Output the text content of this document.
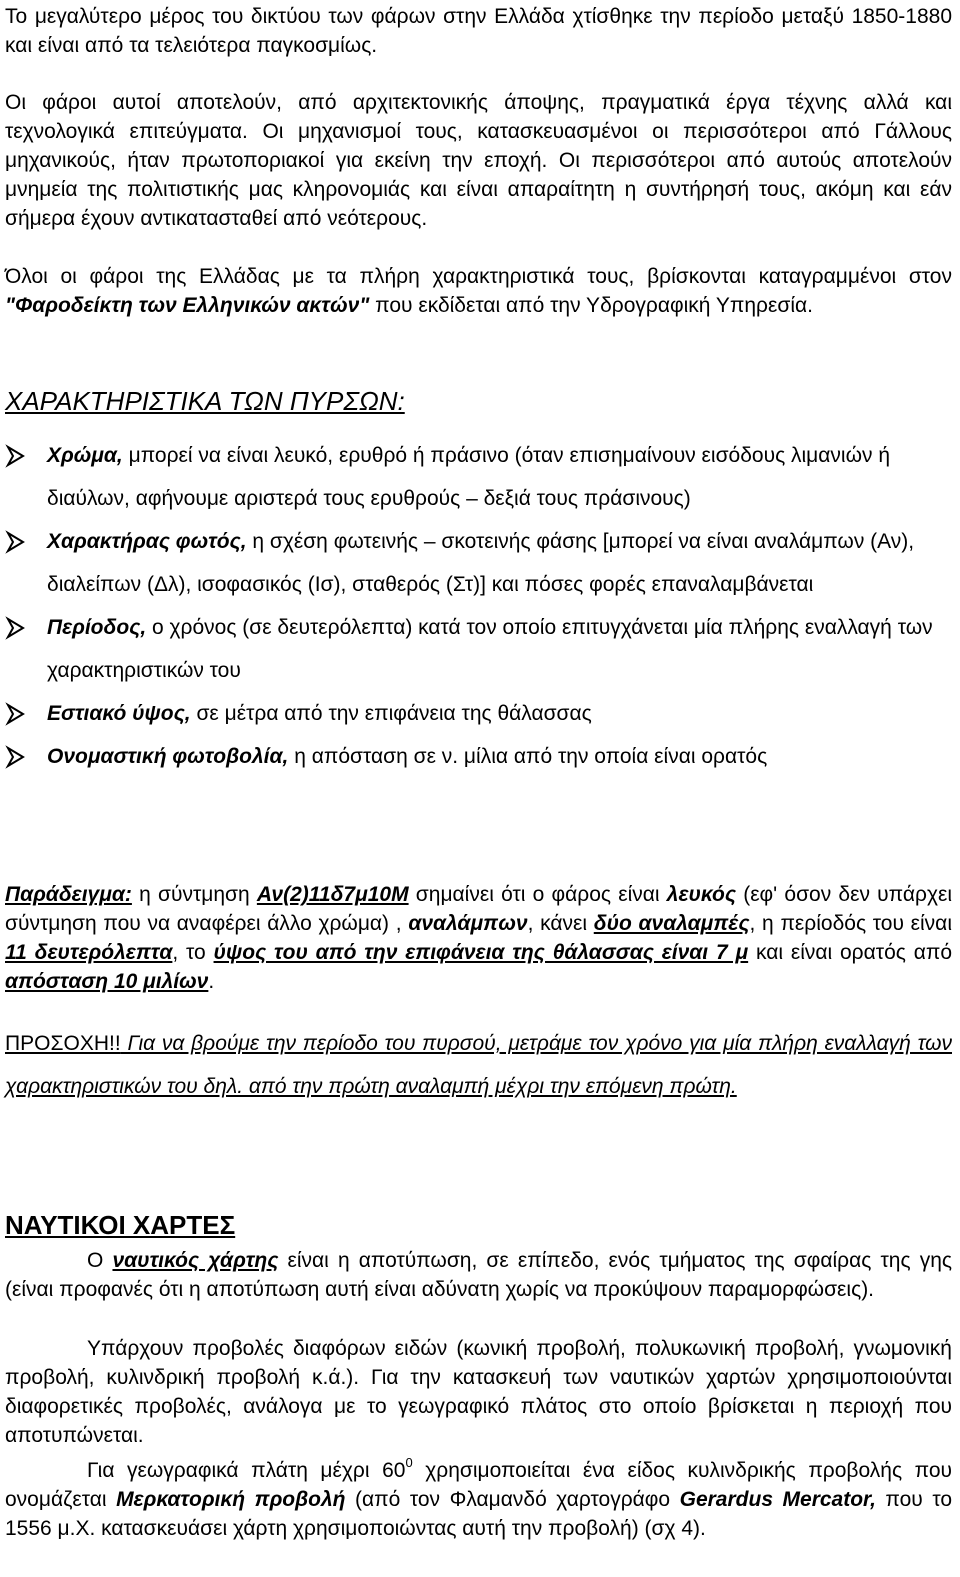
Το μεγαλύτερο μέρος του δικτύου των φάρων στην Ελλάδα χτίσθηκε την περίοδο μεταξύ 1850-1880 και είναι από τα τελειότερα παγκοσμίως.

Οι φάροι αυτοί αποτελούν, από αρχιτεκτονικής άποψης, πραγματικά έργα τέχνης αλλά και τεχνολογικά επιτεύγματα. Οι μηχανισμοί τους, κατασκευασμένοι οι περισσότεροι από Γάλλους μηχανικούς, ήταν πρωτοποριακοί για εκείνη την εποχή. Οι περισσότεροι από αυτούς αποτελούν μνημεία της πολιτιστικής μας κληρονομιάς και είναι απαραίτητη η συντήρησή τους, ακόμη και εάν σήμερα έχουν αντικατασταθεί από νεότερους.

Όλοι οι φάροι της Ελλάδας με τα πλήρη χαρακτηριστικά τους, βρίσκονται καταγραμμένοι στον "Φαροδείκτη των Ελληνικών ακτών" που εκδίδεται από την Υδρογραφική Υπηρεσία.

ΧΑΡΑΚΤΗΡΙΣΤΙΚΑ ΤΩΝ ΠΥΡΣΩΝ:
Χρώμα, μπορεί να είναι λευκό, ερυθρό ή πράσινο (όταν επισημαίνουν εισόδους λιμανιών ή διαύλων, αφήνουμε αριστερά τους ερυθρούς – δεξιά τους πράσινους)
Χαρακτήρας φωτός, η σχέση φωτεινής – σκοτεινής φάσης [μπορεί να είναι αναλάμπων (Αν), διαλείπων (Δλ), ισοφασικός (Ισ), σταθερός (Στ)] και πόσες φορές επαναλαμβάνεται
Περίοδος, ο χρόνος (σε δευτερόλεπτα) κατά τον οποίο επιτυγχάνεται μία πλήρης εναλλαγή των χαρακτηριστικών του
Εστιακό ύψος, σε μέτρα από την επιφάνεια της θάλασσας
Ονομαστική φωτοβολία, η απόσταση σε ν. μίλια από την οποία είναι ορατός

Παράδειγμα: η σύντμηση Αν(2)11δ7μ10Μ σημαίνει ότι ο φάρος είναι λευκός (εφ' όσον δεν υπάρχει σύντμηση που να αναφέρει άλλο χρώμα) , αναλάμπων, κάνει δύο αναλαμπές, η περίοδός του είναι 11 δευτερόλεπτα, το ύψος του από την επιφάνεια της θάλασσας είναι 7 μ και είναι ορατός από απόσταση 10 μιλίων.

ΠΡΟΣΟΧΗ!! Για να βρούμε την περίοδο του πυρσού, μετράμε τον χρόνο για μία πλήρη εναλλαγή των χαρακτηριστικών του δηλ. από την πρώτη αναλαμπή μέχρι την επόμενη πρώτη.

ΝΑΥΤΙΚΟΙ ΧΑΡΤΕΣ

Ο ναυτικός χάρτης είναι η αποτύπωση, σε επίπεδο, ενός τμήματος της σφαίρας της γης (είναι προφανές ότι η αποτύπωση αυτή είναι αδύνατη χωρίς να προκύψουν παραμορφώσεις).

Υπάρχουν προβολές διαφόρων ειδών (κωνική προβολή, πολυκωνική προβολή, γνωμονική προβολή, κυλινδρική προβολή κ.ά.). Για την κατασκευή των ναυτικών χαρτών χρησιμοποιούνται διαφορετικές προβολές, ανάλογα με το γεωγραφικό πλάτος στο οποίο βρίσκεται η περιοχή που αποτυπώνεται.

Για γεωγραφικά πλάτη μέχρι $60^0$ χρησιμοποιείται ένα είδος κυλινδρικής προβολής που ονομάζεται Μερκατορική προβολή (από τον Φλαμανδό χαρτογράφο Gerardus Mercator, που το 1556 μ.Χ. κατασκευάσει χάρτη χρησιμοποιώντας αυτή την προβολή) (σχ 4).
